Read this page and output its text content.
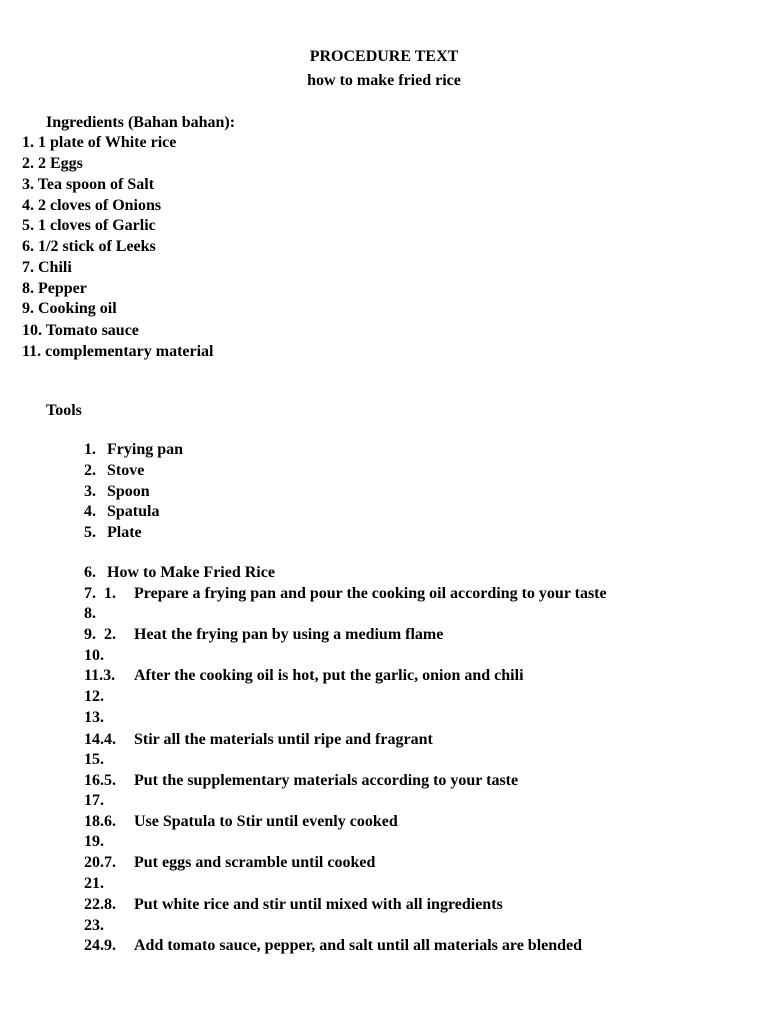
PROCEDURE TEXT
how to make fried rice
Ingredients (Bahan bahan):
1. 1 plate of White rice
2. 2 Eggs
3. Tea spoon of Salt
4. 2 cloves of Onions
5. 1 cloves of Garlic
6. 1/2 stick of Leeks
7. Chili
8. Pepper
9. Cooking oil
10. Tomato sauce
11. complementary material
Tools
1. Frying pan
2. Stove
3. Spoon
4. Spatula
5. Plate
6. How to Make Fried Rice
7.  1. Prepare a frying pan and pour the cooking oil according to your taste
8.
9.  2. Heat the frying pan by using a medium flame
10.
11.3. After the cooking oil is hot, put the garlic, onion and chili
12.
13.
14.4. Stir all the materials until ripe and fragrant
15.
16.5. Put the supplementary materials according to your taste
17.
18.6. Use Spatula to Stir until evenly cooked
19.
20.7. Put eggs and scramble until cooked
21.
22.8. Put white rice and stir until mixed with all ingredients
23.
24.9. Add tomato sauce, pepper, and salt until all materials are blended
